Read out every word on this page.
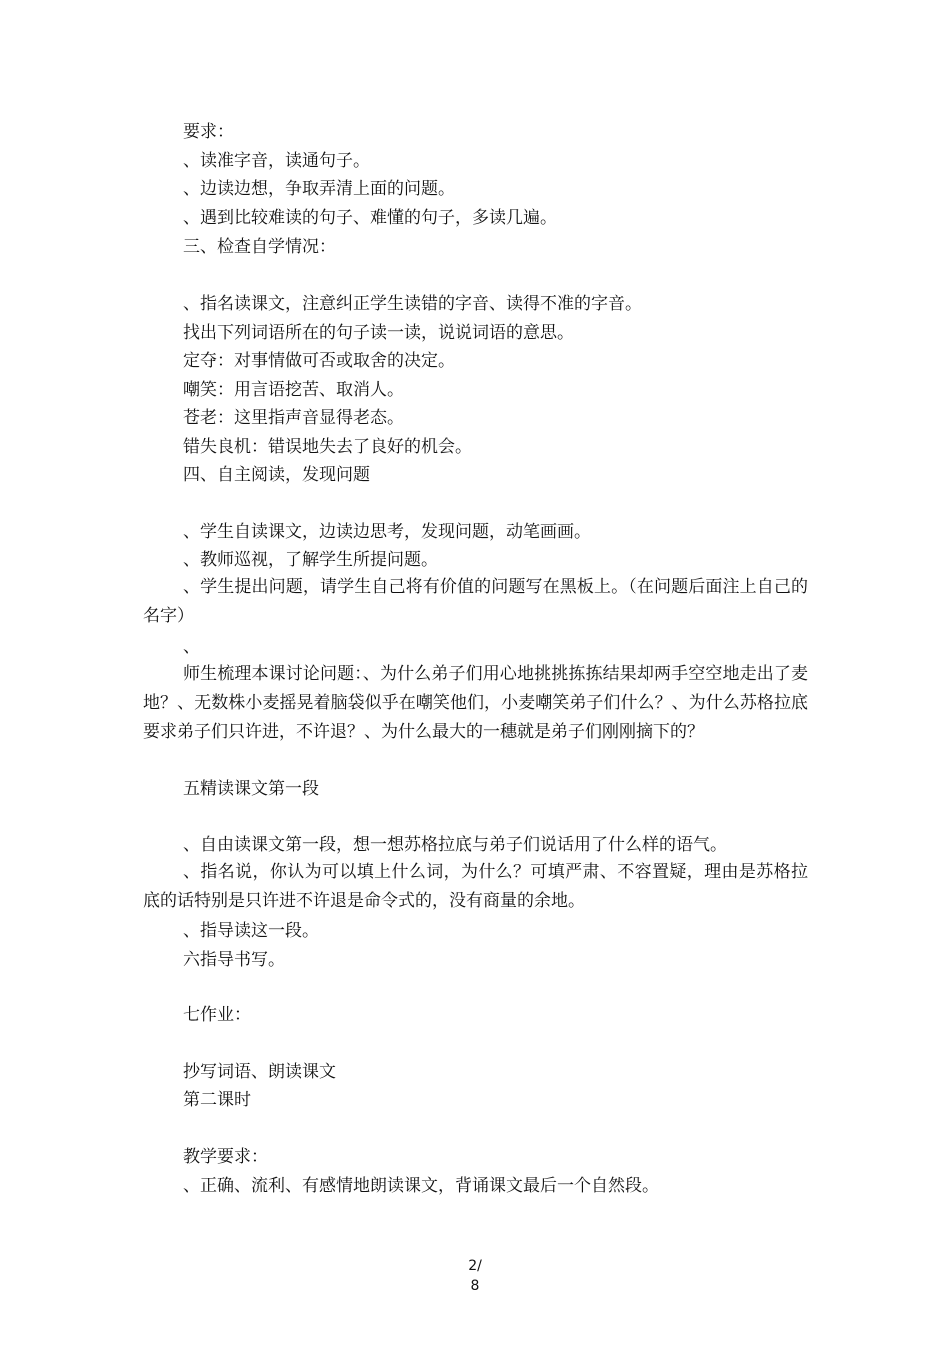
要求：
、读准字音，读通句子。
、边读边想，争取弄清上面的问题。
、遇到比较难读的句子、难懂的句子，多读几遍。
三、检查自学情况：
、指名读课文，注意纠正学生读错的字音、读得不准的字音。
找出下列词语所在的句子读一读，说说词语的意思。
定夺：对事情做可否或取舍的决定。
嘲笑：用言语挖苦、取消人。
苍老：这里指声音显得老态。
错失良机：错误地失去了良好的机会。
四、自主阅读，发现问题
、学生自读课文，边读边思考，发现问题，动笔画画。
、教师巡视，了解学生所提问题。
、学生提出问题，请学生自己将有价值的问题写在黑板上。（在问题后面注上自己的名字）
、
师生梳理本课讨论问题：、为什么弟子们用心地挑挑拣拣结果却两手空空地走出了麦地？、无数株小麦摇晃着脑袋似乎在嘲笑他们，小麦嘲笑弟子们什么？、为什么苏格拉底要求弟子们只许进，不许退？、为什么最大的一穗就是弟子们刚刚摘下的？
五精读课文第一段
、自由读课文第一段，想一想苏格拉底与弟子们说话用了什么样的语气。
、指名说，你认为可以填上什么词，为什么？可填严肃、不容置疑，理由是苏格拉底的话特别是只许进不许退是命令式的，没有商量的余地。
、指导读这一段。
六指导书写。
七作业：
抄写词语、朗读课文
第二课时
教学要求：
、正确、流利、有感情地朗读课文，背诵课文最后一个自然段。
2/
8
